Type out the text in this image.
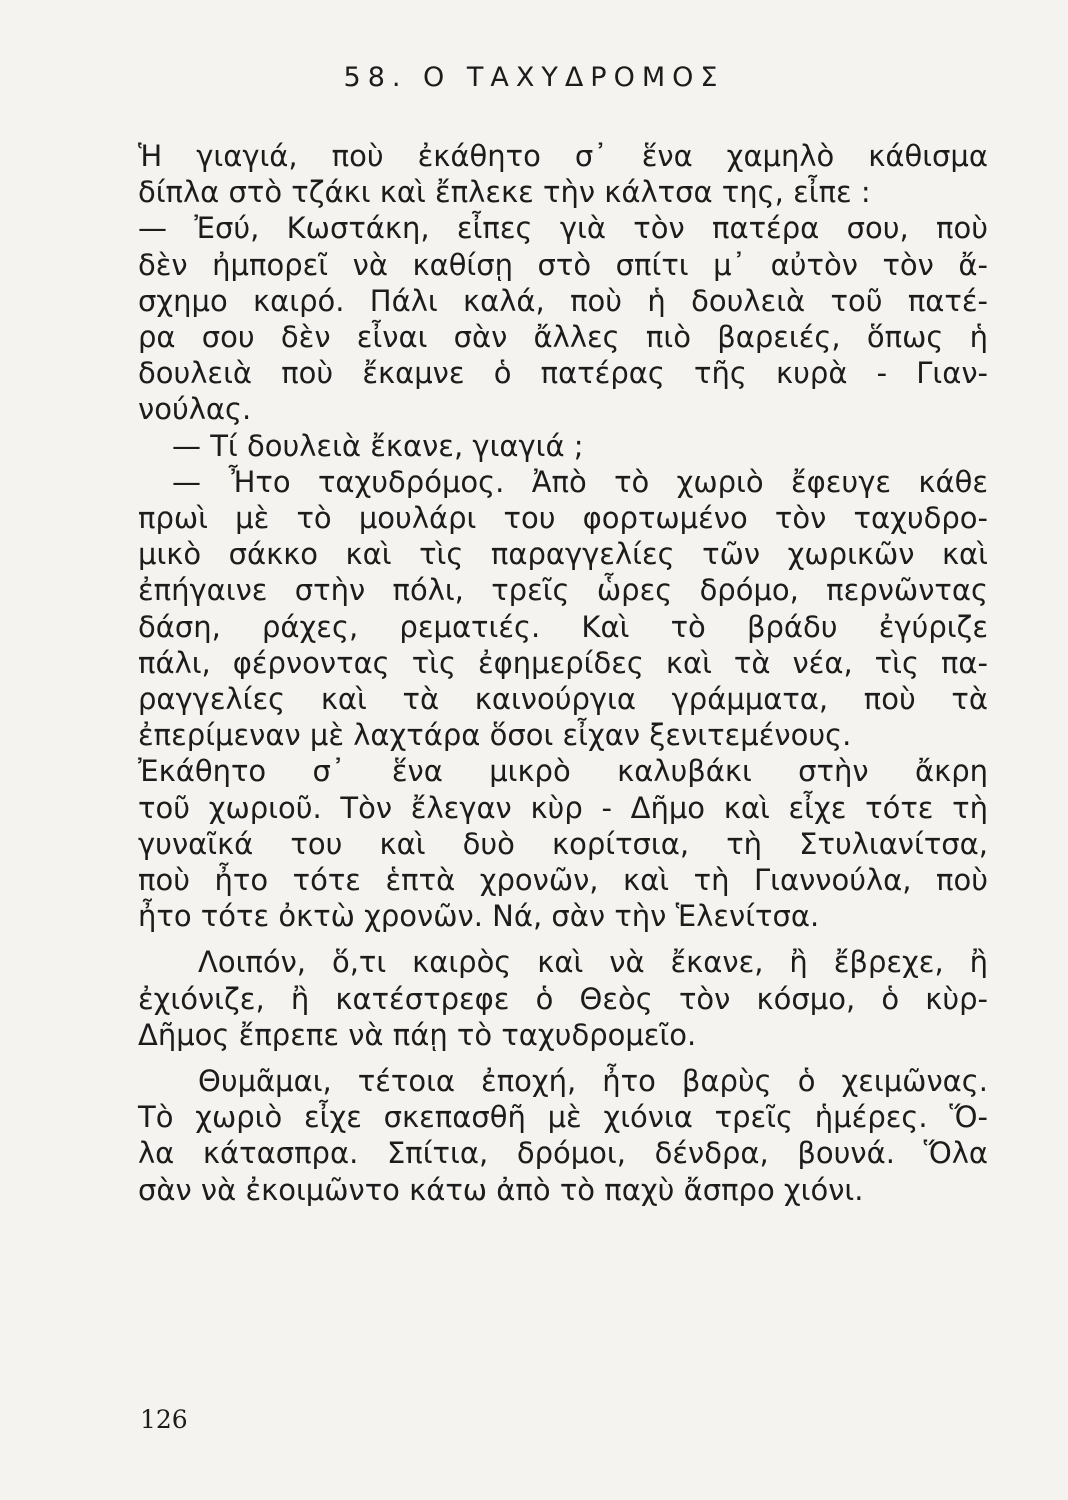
58. Ο ΤΑΧΥΔΡΟΜΟΣ
Ἡ γιαγιά, ποὺ ἐκάθητο σ᾽ ἕνα χαμηλὸ κάθισμα
δίπλα στὸ τζάκι καὶ ἔπλεκε τὴν κάλτσα της, εἶπε :
— Ἐσύ, Κωστάκη, εἶπες γιὰ τὸν πατέρα σου, ποὺ
δὲν ἠμπορεῖ νὰ καθίσῃ στὸ σπίτι μ᾽ αὐτὸν τὸν ἄ-
σχημο καιρό. Πάλι καλά, ποὺ ἡ δουλειὰ τοῦ πατέ-
ρα σου δὲν εἶναι σὰν ἄλλες πιὸ βαρειές, ὅπως ἡ
δουλειὰ ποὺ ἔκαμνε ὁ πατέρας τῆς κυρὰ - Γιαν-
νούλας.
— Τί δουλειὰ ἔκανε, γιαγιά ;
— Ἦτο ταχυδρόμος. Ἀπὸ τὸ χωριὸ ἔφευγε κάθε
πρωὶ μὲ τὸ μουλάρι του φορτωμένο τὸν ταχυδρο-
μικὸ σάκκο καὶ τὶς παραγγελίες τῶν χωρικῶν καὶ
ἐπήγαινε στὴν πόλι, τρεῖς ὧρες δρόμο, περνῶντας
δάση, ράχες, ρεματιές. Καὶ τὸ βράδυ ἐγύριζε
πάλι, φέρνοντας τὶς ἐφημερίδες καὶ τὰ νέα, τὶς πα-
ραγγελίες καὶ τὰ καινούργια γράμματα, ποὺ τὰ
ἐπερίμεναν μὲ λαχτάρα ὅσοι εἶχαν ξενιτεμένους.
Ἐκάθητο σ᾽ ἕνα μικρὸ καλυβάκι στὴν ἄκρη
τοῦ χωριοῦ. Τὸν ἔλεγαν κὺρ - Δῆμο καὶ εἶχε τότε τὴ
γυναῖκά του καὶ δυὸ κορίτσια, τὴ Στυλιανίτσα,
ποὺ ἦτο τότε ἑπτὰ χρονῶν, καὶ τὴ Γιαννούλα, ποὺ
ἦτο τότε ὀκτὼ χρονῶν. Νά, σὰν τὴν Ἑλενίτσα.
Λοιπόν, ὅ,τι καιρὸς καὶ νὰ ἔκανε, ἢ ἔβρεχε, ἢ
ἐχιόνιζε, ἢ κατέστρεφε ὁ Θεὸς τὸν κόσμο, ὁ κὺρ-
Δῆμος ἔπρεπε νὰ πάῃ τὸ ταχυδρομεῖο.
Θυμᾶμαι, τέτοια ἐποχή, ἦτο βαρὺς ὁ χειμῶνας.
Τὸ χωριὸ εἶχε σκεπασθῆ μὲ χιόνια τρεῖς ἡμέρες. Ὅ-
λα κάτασπρα. Σπίτια, δρόμοι, δένδρα, βουνά. Ὅλα
σὰν νὰ ἐκοιμῶντο κάτω ἀπὸ τὸ παχὺ ἄσπρο χιόνι.

126
